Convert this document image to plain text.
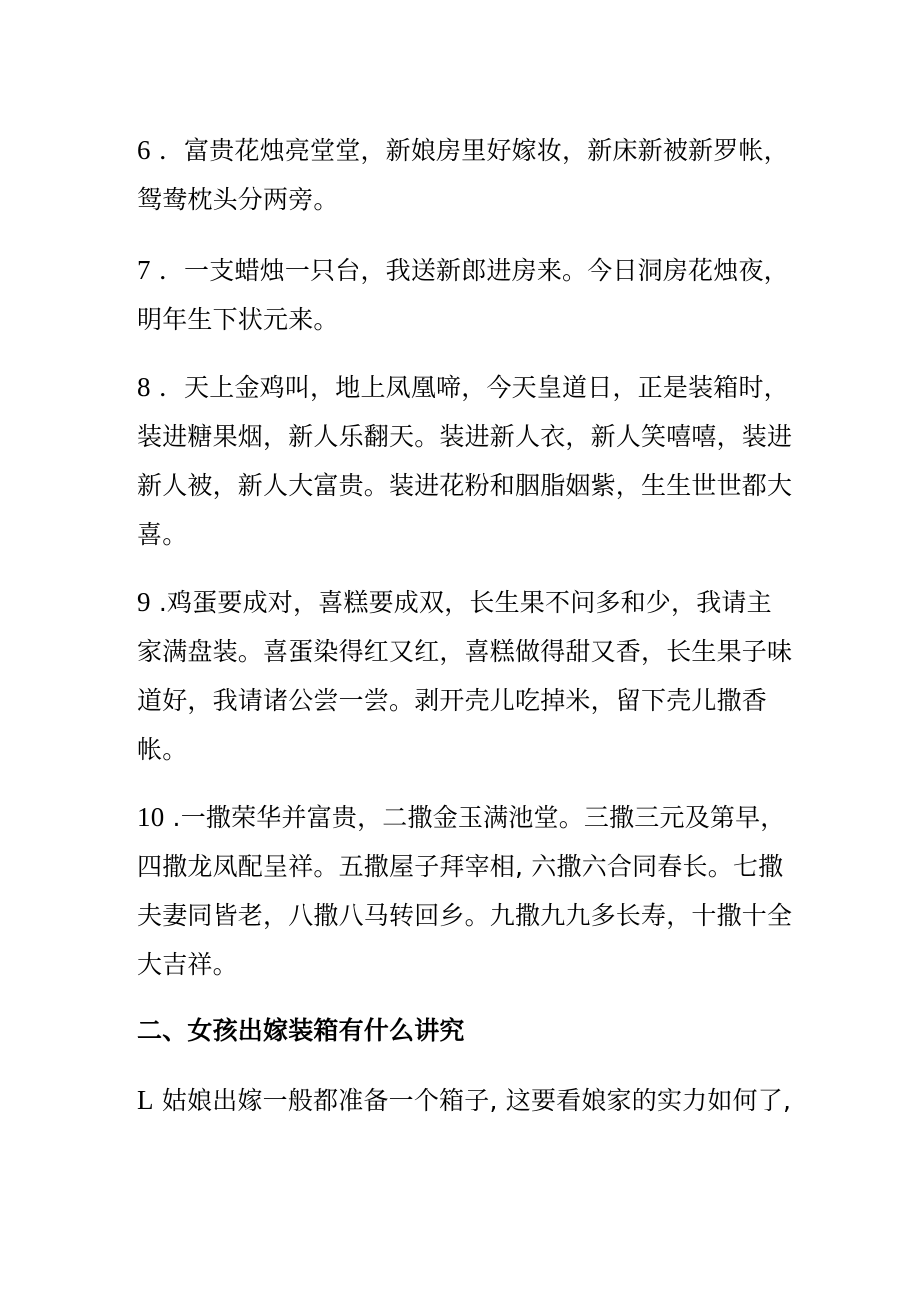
6 ．富贵花烛亮堂堂，新娘房里好嫁妆，新床新被新罗帐，
鸳鸯枕头分两旁。
7 ．一支蜡烛一只台，我送新郎进房来。今日洞房花烛夜，
明年生下状元来。
8 ．天上金鸡叫，地上凤凰啼，今天皇道日，正是装箱时，
装进糖果烟，新人乐翻天。装进新人衣，新人笑嘻嘻，装进
新人被，新人大富贵。装进花粉和胭脂姻紫，生生世世都大
喜。
9 .鸡蛋要成对，喜糕要成双，长生果不问多和少，我请主
家满盘装。喜蛋染得红又红，喜糕做得甜又香，长生果子味
道好，我请诸公尝一尝。剥开壳儿吃掉米，留下壳儿撒香
帐。
10 .一撒荣华并富贵，二撒金玉满池堂。三撒三元及第早，
四撒龙凤配呈祥。五撒屋子拜宰相, 六撒六合同春长。七撒
夫妻同皆老，八撒八马转回乡。九撒九九多长寿，十撒十全
大吉祥。
二、女孩出嫁装箱有什么讲究
L 姑娘出嫁一般都准备一个箱子, 这要看娘家的实力如何了,
